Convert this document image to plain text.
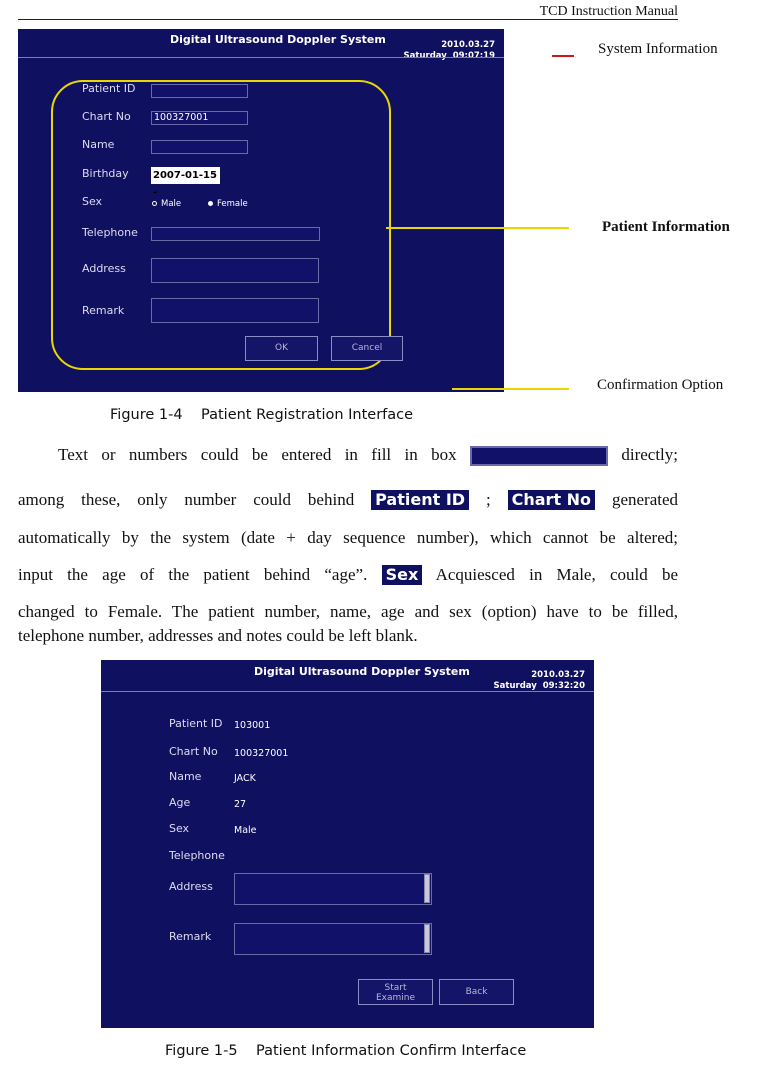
TCD Instruction Manual
Digital Ultrasound Doppler System	2010.03.27
Saturday  09:07:19
Patient ID
Chart No 100327001
Name
Birthday 2007-01-15 -
Sex	Male	Female
Telephone
Address
Remark
OK	Cancel
System Information
Patient Information
Confirmation Option
Figure 1-4    Patient Registration Interface
Text or numbers could be entered in fill in box	directly;
among these, only number could behind Patient ID ; Chart No generated
automatically by the system (date + day sequence number), which cannot be altered;
input the age of the patient behind “age”. Sex Acquiesced in Male, could be
changed to Female. The patient number, name, age and sex (option) have to be filled,
telephone number, addresses and notes could be left blank.
Digital Ultrasound Doppler System	2010.03.27
Saturday  09:32:20
Patient ID 103001
Chart No 100327001
Name	JACK
Age	27
Sex	Male
Telephone
Address
Remark
Start
Examine
Back
Figure 1-5    Patient Information Confirm Interface
